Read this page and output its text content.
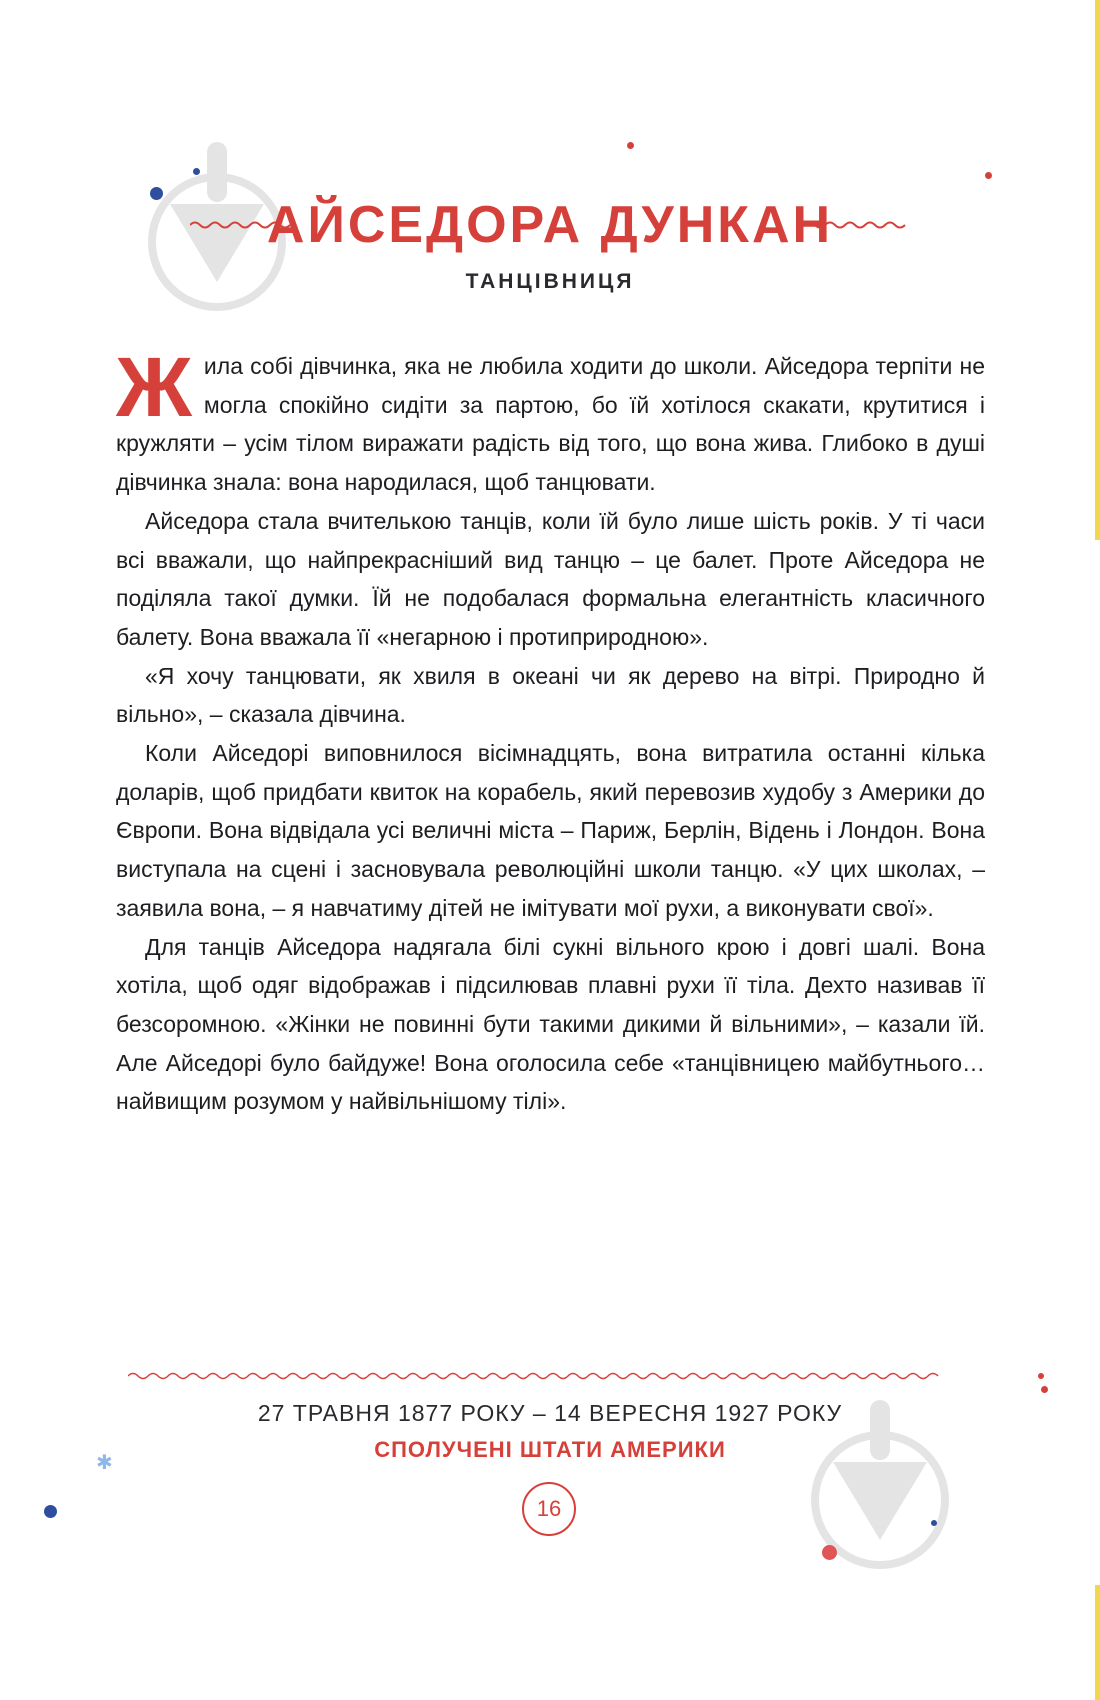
✱
АЙСЕДОРА ДУНКАН
ТАНЦІВНИЦЯ

Жила собі дівчинка, яка не любила ходити до школи. Айседора терпіти не могла спокійно сидіти за партою, бо їй хотілося скакати, крутитися і кружляти – усім тілом виражати радість від того, що вона жива. Глибоко в душі дівчинка знала: вона народилася, щоб танцювати.

Айседора стала вчителькою танців, коли їй було лише шість років. У ті часи всі вважали, що найпрекрасніший вид танцю – це балет. Проте Айседора не поділяла такої думки. Їй не подобалася формальна елегантність класичного балету. Вона вважала її «негарною і протиприродною».

«Я хочу танцювати, як хвиля в океані чи як дерево на вітрі. Природно й вільно», – сказала дівчина.

Коли Айседорі виповнилося вісімнадцять, вона витратила останні кілька доларів, щоб придбати квиток на корабель, який перевозив худобу з Америки до Європи. Вона відвідала усі величні міста – Париж, Берлін, Відень і Лондон. Вона виступала на сцені і засновувала революційні школи танцю. «У цих школах, – заявила вона, – я навчатиму дітей не імітувати мої рухи, а виконувати свої».

Для танців Айседора надягала білі сукні вільного крою і довгі шалі. Вона хотіла, щоб одяг відображав і підсилював плавні рухи її тіла. Дехто називав її безсоромною. «Жінки не повинні бути такими дикими й вільними», – казали їй. Але Айседорі було байдуже! Вона оголосила себе «танцівницею майбутнього… найвищим розумом у найвільнішому тілі».

27 ТРАВНЯ 1877 РОКУ – 14 ВЕРЕСНЯ 1927 РОКУ
СПОЛУЧЕНІ ШТАТИ АМЕРИКИ
16
